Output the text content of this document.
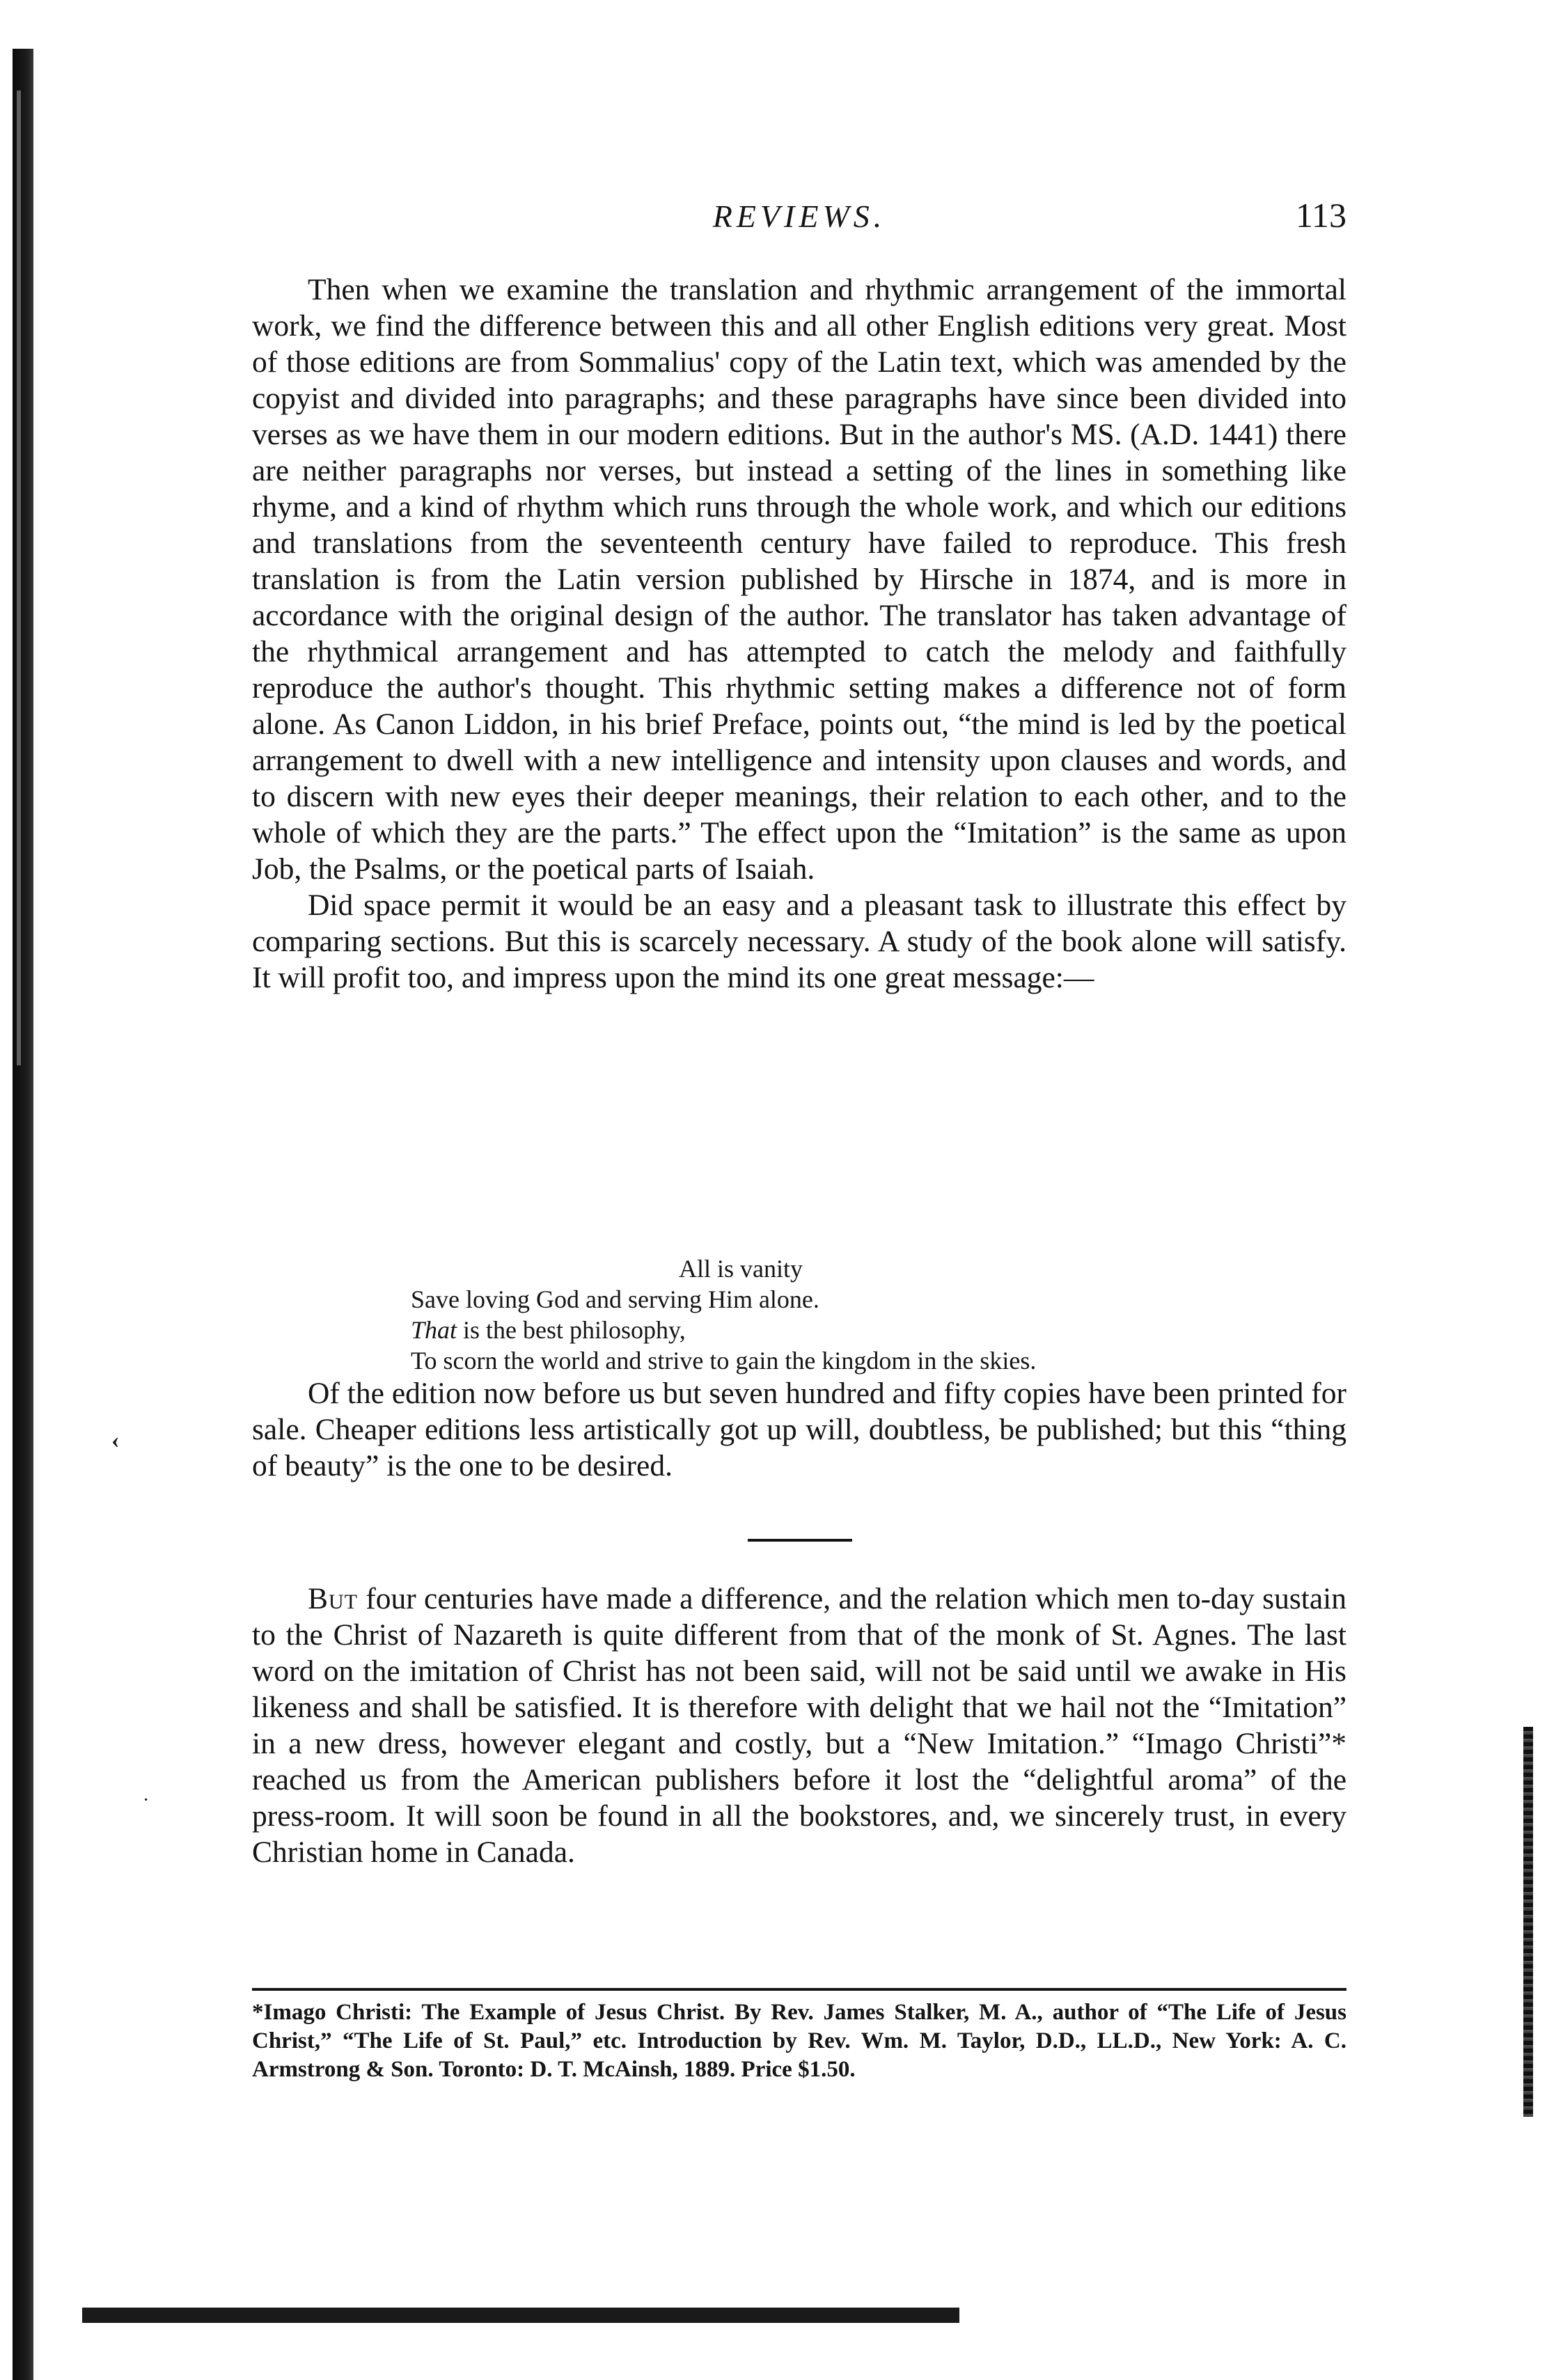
‹
·
REVIEWS.	113

Then when we examine the translation and rhythmic arrangement of the immortal work, we find the difference between this and all other English editions very great. Most of those editions are from Sommalius' copy of the Latin text, which was amended by the copyist and divided into paragraphs; and these paragraphs have since been divided into verses as we have them in our modern editions. But in the author's MS. (A.D. 1441) there are neither paragraphs nor verses, but instead a setting of the lines in something like rhyme, and a kind of rhythm which runs through the whole work, and which our editions and translations from the seventeenth century have failed to reproduce. This fresh translation is from the Latin version published by Hirsche in 1874, and is more in accordance with the original design of the author. The translator has taken advantage of the rhythmical arrangement and has attempted to catch the melody and faithfully reproduce the author's thought. This rhythmic setting makes a difference not of form alone. As Canon Liddon, in his brief Preface, points out, “the mind is led by the poetical arrangement to dwell with a new intelligence and intensity upon clauses and words, and to discern with new eyes their deeper meanings, their relation to each other, and to the whole of which they are the parts.” The effect upon the “Imitation” is the same as upon Job, the Psalms, or the poetical parts of Isaiah.

Did space permit it would be an easy and a pleasant task to illustrate this effect by comparing sections. But this is scarcely necessary. A study of the book alone will satisfy. It will profit too, and impress upon the mind its one great message:—

All is vanity
Save loving God and serving Him alone.
That is the best philosophy,
To scorn the world and strive to gain the kingdom in the skies.

Of the edition now before us but seven hundred and fifty copies have been printed for sale. Cheaper editions less artistically got up will, doubtless, be published; but this “thing of beauty” is the one to be desired.

But four centuries have made a difference, and the relation which men to-day sustain to the Christ of Nazareth is quite different from that of the monk of St. Agnes. The last word on the imitation of Christ has not been said, will not be said until we awake in His likeness and shall be satisfied. It is therefore with delight that we hail not the “Imitation” in a new dress, however elegant and costly, but a “New Imitation.” “Imago Christi”* reached us from the American publishers before it lost the “delightful aroma” of the press-room. It will soon be found in all the bookstores, and, we sincerely trust, in every Christian home in Canada.

*Imago Christi: The Example of Jesus Christ. By Rev. James Stalker, M. A., author of “The Life of Jesus Christ,” “The Life of St. Paul,” etc. Introduction by Rev. Wm. M. Taylor, D.D., LL.D., New York: A. C. Armstrong & Son. Toronto: D. T. McAinsh, 1889. Price $1.50.
